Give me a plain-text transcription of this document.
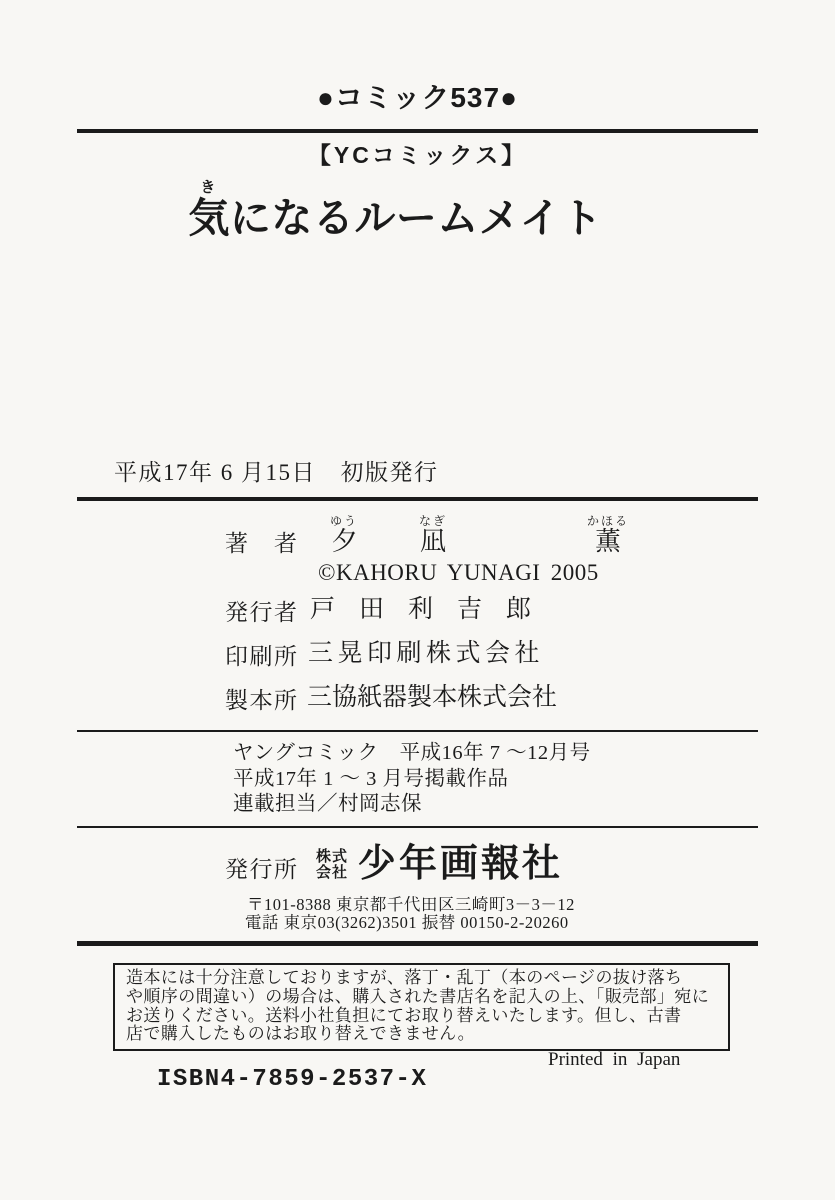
●コミック537●
【YCコミックス】
き
気になるルームメイト
平成17年 6 月15日　初版発行
著　者
ゆう
夕

なぎ
凪

かほる
薫
©KAHORU YUNAGI 2005
発行者 戸田利吉郎
印刷所 三晃印刷株式会社
製本所 三協紙器製本株式会社
ヤングコミック　平成16年 7 ～12月号
平成17年 1 ～ 3 月号掲載作品
連載担当／村岡志保
発行所
株式
会社 少年画報社
〒101-8388 東京都千代田区三崎町3－3－12
電話 東京03(3262)3501 振替 00150-2-20260
造本には十分注意しておりますが、落丁・乱丁（本のページの抜け落ち
や順序の間違い）の場合は、購入された書店名を記入の上、「販売部」宛に
お送りください。送料小社負担にてお取り替えいたします。但し、古書
店で購入したものはお取り替えできません。
Printed in Japan
ISBN4-7859-2537-X
